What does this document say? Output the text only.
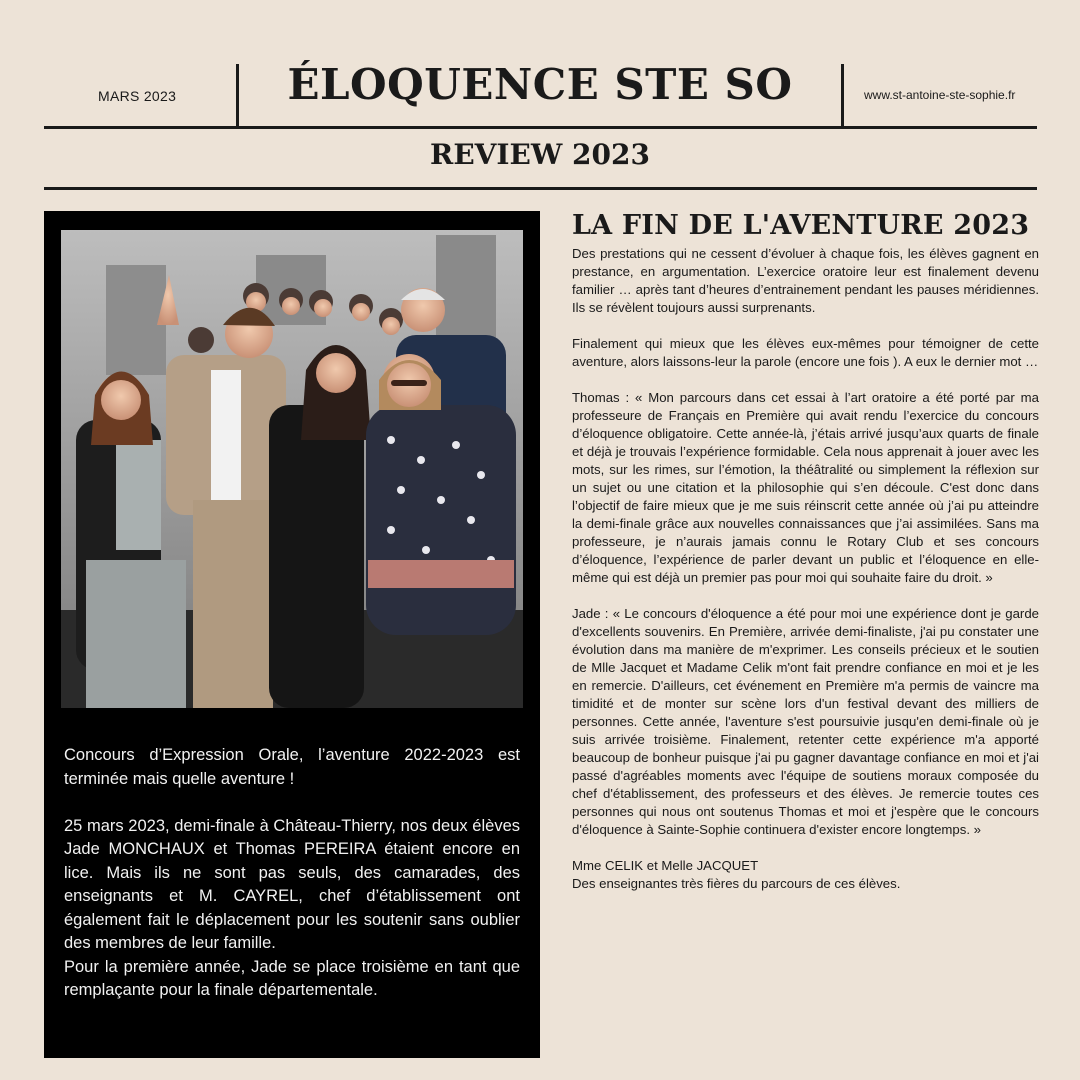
MARS 2023	ÉLOQUENCE STE SO	www.st-antoine-ste-sophie.fr
REVIEW 2023

Concours d’Expression Orale, l’aventure 2022-2023 est terminée mais quelle aventure !

25 mars 2023, demi-finale à Château-Thierry, nos deux élèves Jade MONCHAUX et Thomas PEREIRA étaient encore en lice. Mais ils ne sont pas seuls, des camarades, des enseignants et M. CAYREL, chef d’établissement ont également fait le déplacement pour les soutenir sans oublier des membres de leur famille.

Pour la première année, Jade se place troisième en tant que remplaçante pour la finale départementale.

LA FIN DE L'AVENTURE 2023

Des prestations qui ne cessent d’évoluer à chaque fois, les élèves gagnent en prestance, en argumentation. L’exercice oratoire leur est finalement devenu familier … après tant d’heures d’entrainement pendant les pauses méridiennes. Ils se révèlent toujours aussi surprenants.

Finalement qui mieux que les élèves eux-mêmes pour témoigner de cette aventure, alors laissons-leur la parole (encore une fois ). A eux le dernier mot …

Thomas : « Mon parcours dans cet essai à l’art oratoire a été porté par ma professeure de Français en Première qui avait rendu l’exercice du concours d’éloquence obligatoire. Cette année-là, j’étais arrivé jusqu’aux quarts de finale et déjà je trouvais l’expérience formidable. Cela nous apprenait à jouer avec les mots, sur les rimes, sur l’émotion, la théâtralité ou simplement la réflexion sur un sujet ou une citation et la philosophie qui s’en découle. C'est donc dans l’objectif de faire mieux que je me suis réinscrit cette année où j’ai pu atteindre la demi-finale grâce aux nouvelles connaissances que j’ai assimilées. Sans ma professeure, je n’aurais jamais connu le Rotary Club et ses concours d’éloquence, l’expérience de parler devant un public et l’éloquence en elle-même qui est déjà un premier pas pour moi qui souhaite faire du droit. »

Jade : « Le concours d'éloquence a été pour moi une expérience dont je garde d'excellents souvenirs. En Première, arrivée demi-finaliste, j'ai pu constater une évolution dans ma manière de m'exprimer. Les conseils précieux et le soutien de Mlle Jacquet et Madame Celik m'ont fait prendre confiance en moi et je les en remercie. D'ailleurs, cet événement en Première m'a permis de vaincre ma timidité et de monter sur scène lors d'un festival devant des milliers de personnes. Cette année, l'aventure s'est poursuivie jusqu'en demi-finale où je suis arrivée troisième. Finalement, retenter cette expérience m'a apporté beaucoup de bonheur puisque j'ai pu gagner davantage confiance en moi et j'ai passé d'agréables moments avec l'équipe de soutiens moraux composée du chef d'établissement, des professeurs et des élèves. Je remercie toutes ces personnes qui nous ont soutenus Thomas et moi et j'espère que le concours d'éloquence à Sainte-Sophie continuera d'exister encore longtemps. »

Mme CELIK et Melle JACQUET

Des enseignantes très fières du parcours de ces élèves.
